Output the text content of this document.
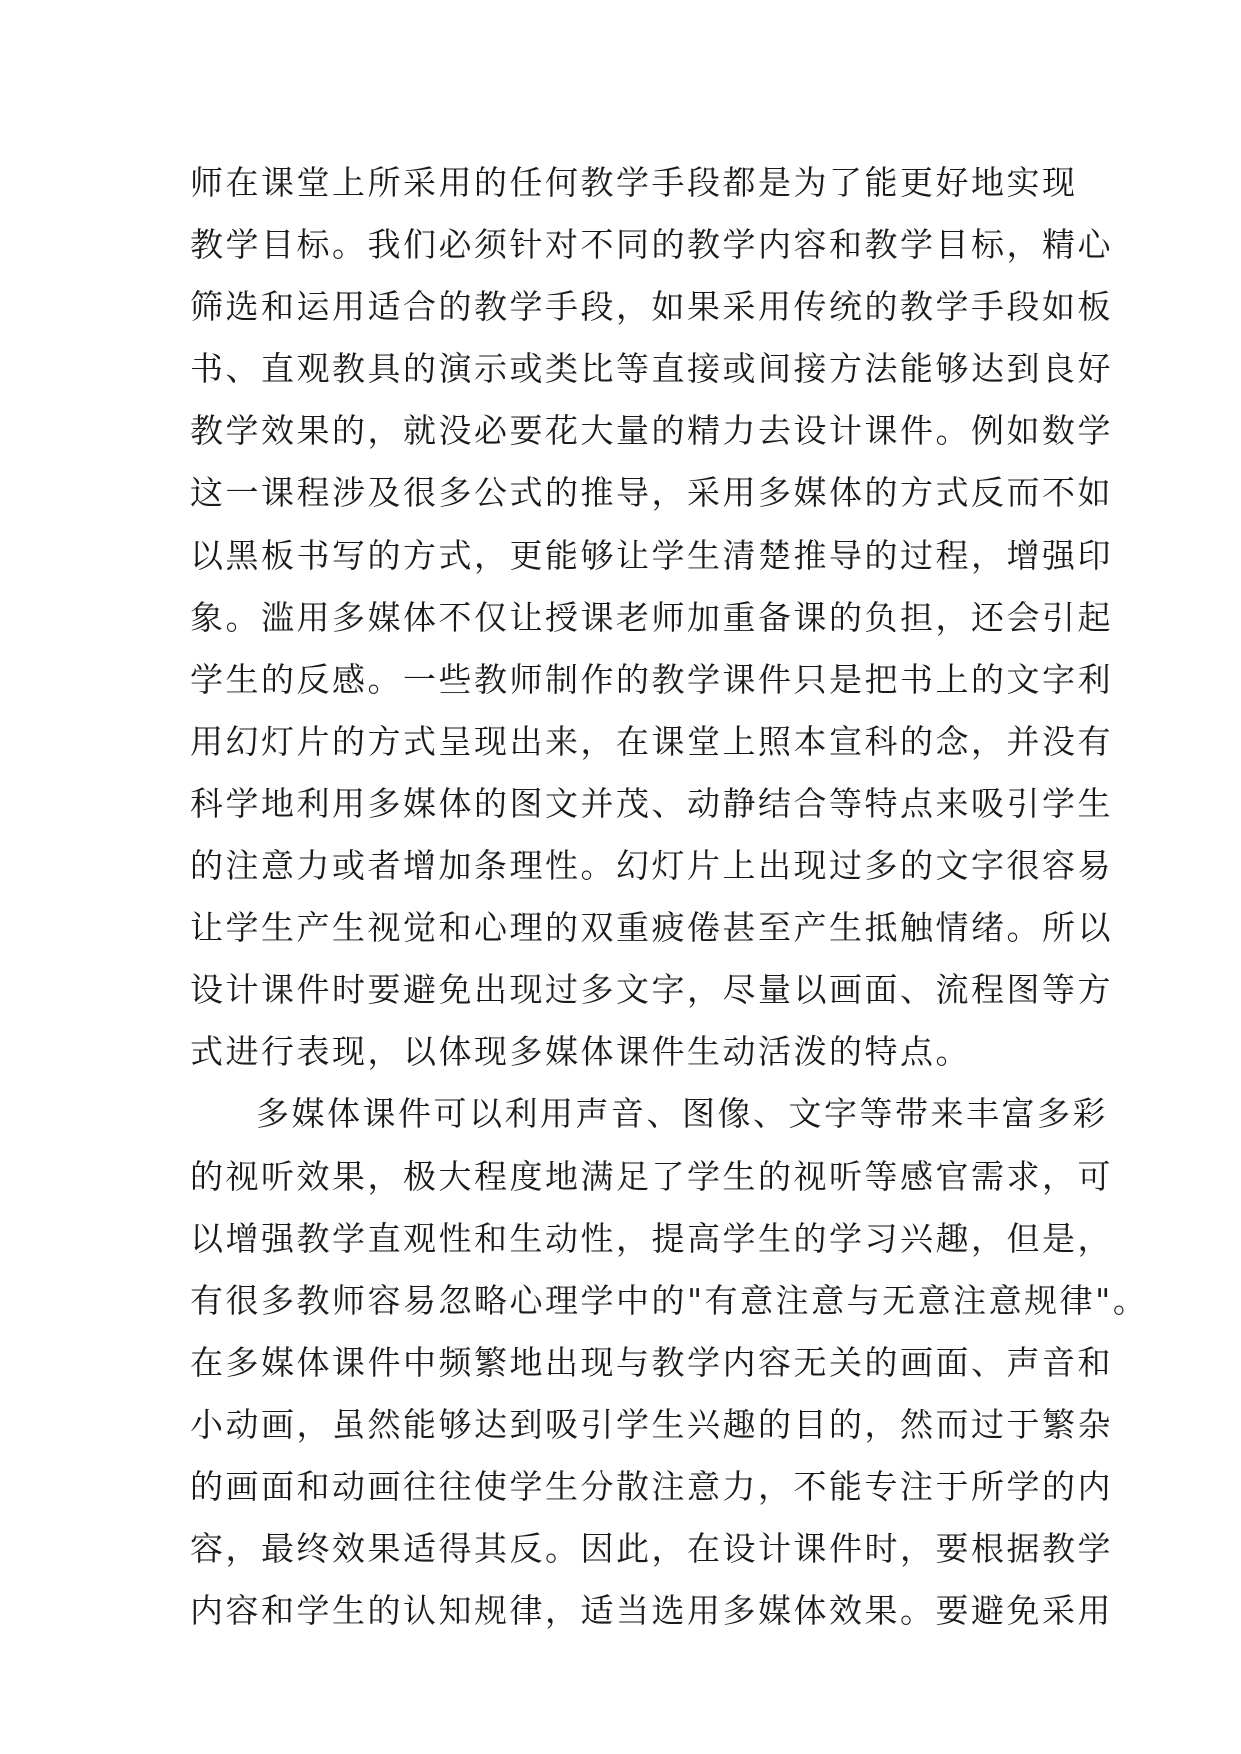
师在课堂上所采用的任何教学手段都是为了能更好地实现
教学目标。我们必须针对不同的教学内容和教学目标，精心
筛选和运用适合的教学手段，如果采用传统的教学手段如板
书、直观教具的演示或类比等直接或间接方法能够达到良好
教学效果的，就没必要花大量的精力去设计课件。例如数学
这一课程涉及很多公式的推导，采用多媒体的方式反而不如
以黑板书写的方式，更能够让学生清楚推导的过程，增强印
象。滥用多媒体不仅让授课老师加重备课的负担，还会引起
学生的反感。一些教师制作的教学课件只是把书上的文字利
用幻灯片的方式呈现出来，在课堂上照本宣科的念，并没有
科学地利用多媒体的图文并茂、动静结合等特点来吸引学生
的注意力或者增加条理性。幻灯片上出现过多的文字很容易
让学生产生视觉和心理的双重疲倦甚至产生抵触情绪。所以
设计课件时要避免出现过多文字，尽量以画面、流程图等方
式进行表现，以体现多媒体课件生动活泼的特点。
多媒体课件可以利用声音、图像、文字等带来丰富多彩
的视听效果，极大程度地满足了学生的视听等感官需求，可
以增强教学直观性和生动性，提高学生的学习兴趣，但是，
有很多教师容易忽略心理学中的"有意注意与无意注意规律"。
在多媒体课件中频繁地出现与教学内容无关的画面、声音和
小动画，虽然能够达到吸引学生兴趣的目的，然而过于繁杂
的画面和动画往往使学生分散注意力，不能专注于所学的内
容，最终效果适得其反。因此，在设计课件时，要根据教学
内容和学生的认知规律，适当选用多媒体效果。要避免采用
